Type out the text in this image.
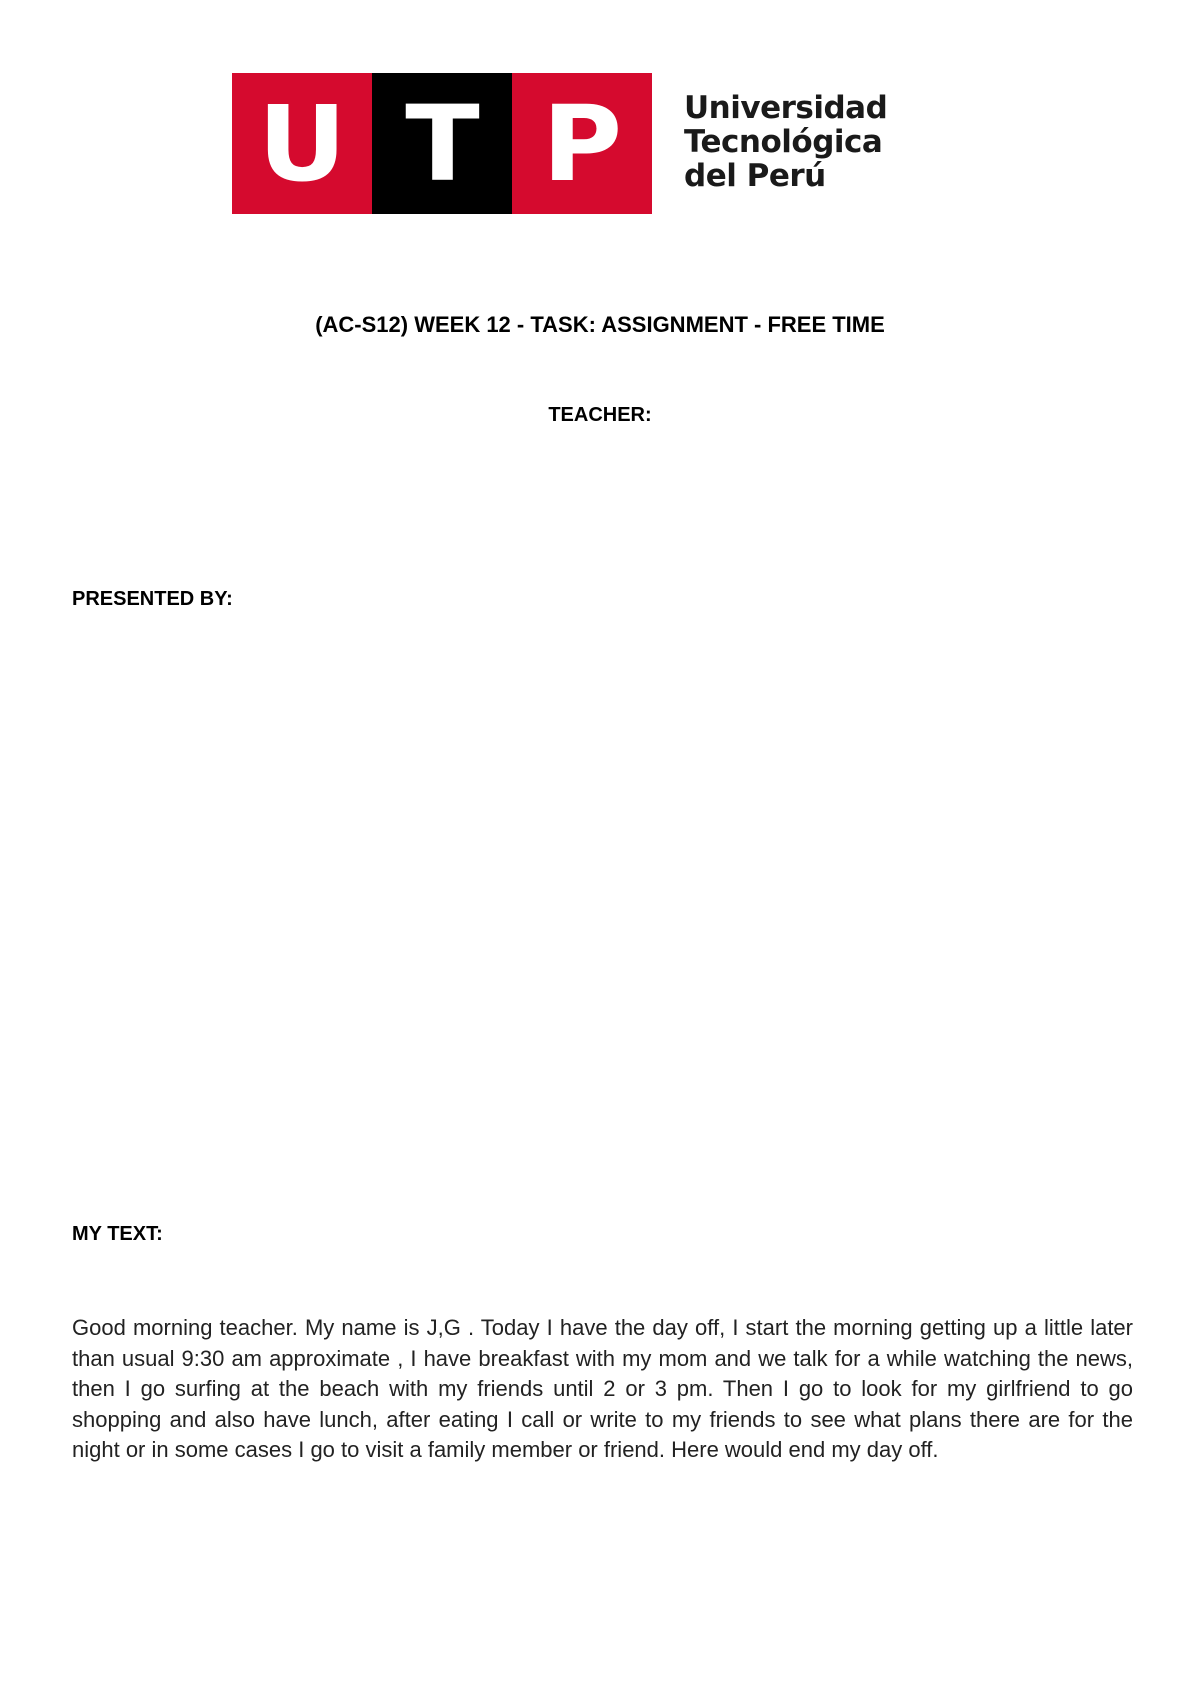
U T P Universidad
Tecnológica
del Perú
(AC-S12) WEEK 12 - TASK: ASSIGNMENT - FREE TIME
TEACHER:
PRESENTED BY:
MY TEXT:
Good morning teacher. My name is J,G . Today I have the day off, I start the morning getting up a little later than usual 9:30 am approximate , I have breakfast with my mom and we talk for a while watching the news, then I go surfing at the beach with my friends until 2 or 3 pm. Then I go to look for my girlfriend to go shopping and also have lunch, after eating I call or write to my friends to see what plans there are for the night or in some cases I go to visit a family member or friend. Here would end my day off.
